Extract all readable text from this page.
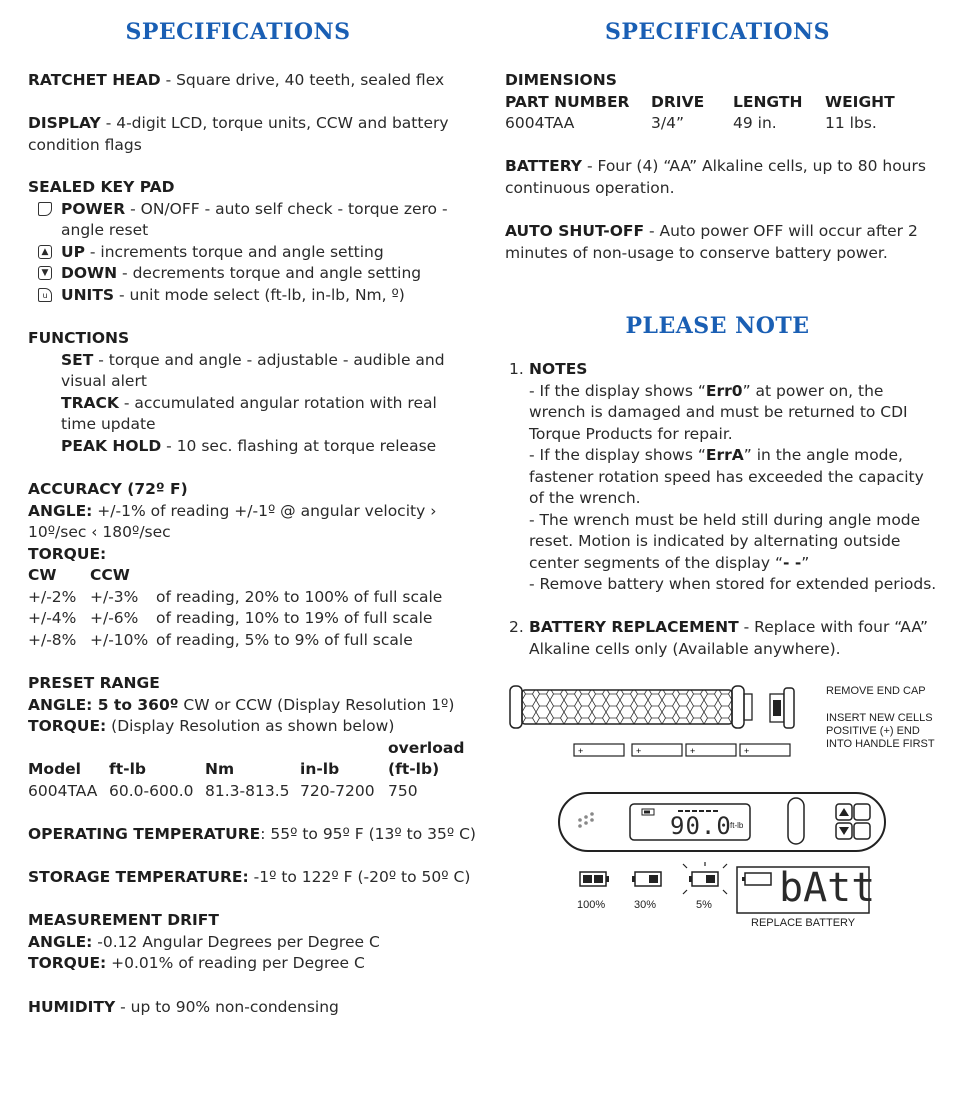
SPECIFICATIONS
RATCHET HEAD - Square drive, 40 teeth, sealed flex
DISPLAY - 4-digit LCD, torque units, CCW and battery
condition flags
SEALED KEY PAD
POWER - ON/OFF - auto self check - torque zero -
angle reset
▲ UP - increments torque and angle setting
▼ DOWN - decrements torque and angle setting
u UNITS - unit mode select (ft-lb, in-lb, Nm, º)
FUNCTIONS
SET - torque and angle - adjustable - audible and
visual alert
TRACK - accumulated angular rotation with real
time update
PEAK HOLD - 10 sec. flashing at torque release
ACCURACY (72º F)
ANGLE: +/-1% of reading +/-1º @ angular velocity ›
10º/sec ‹ 180º/sec
TORQUE:
CW	CCW	
+/-2%	+/-3%	of reading, 20% to 100% of full scale
+/-4%	+/-6%	of reading, 10% to 19% of full scale
+/-8%	+/-10%	of reading, 5% to 9% of full scale
PRESET RANGE
ANGLE: 5 to 360º CW or CCW (Display Resolution 1º)
TORQUE: (Display Resolution as shown below)
Model	ft-lb	Nm	in-lb	overload
(ft-lb)

6004TAA	60.0-600.0	81.3-813.5	720-7200	750
OPERATING TEMPERATURE: 55º to 95º F (13º to 35º C)
STORAGE TEMPERATURE: -1º to 122º F (-20º to 50º C)
MEASUREMENT DRIFT
ANGLE: -0.12 Angular Degrees per Degree C
TORQUE: +0.01% of reading per Degree C
HUMIDITY - up to 90% non-condensing
SPECIFICATIONS
DIMENSIONS
PART NUMBER	DRIVE	LENGTH	WEIGHT
6004TAA	3/4”	49 in.	11 lbs.
BATTERY - Four (4) “AA” Alkaline cells, up to 80 hours
continuous operation.
AUTO SHUT-OFF - Auto power OFF will occur after 2
minutes of non-usage to conserve battery power.
PLEASE NOTE
1. NOTES
- If the display shows “Err0” at power on, the
wrench is damaged and must be returned to CDI
Torque Products for repair.
- If the display shows “ErrA” in the angle mode,
fastener rotation speed has exceeded the capacity
of the wrench.
- The wrench must be held still during angle mode
reset. Motion is indicated by alternating outside
center segments of the display “- -”
- Remove battery when stored for extended periods.
2. BATTERY REPLACEMENT - Replace with four “AA”
Alkaline cells only (Available anywhere).
+	+	+	+
REMOVE END CAP
INSERT NEW CELLS
POSITIVE (+) END
INTO HANDLE FIRST
90.0
ft-lb
100%	30%	5% bAtt
REPLACE BATTERY
